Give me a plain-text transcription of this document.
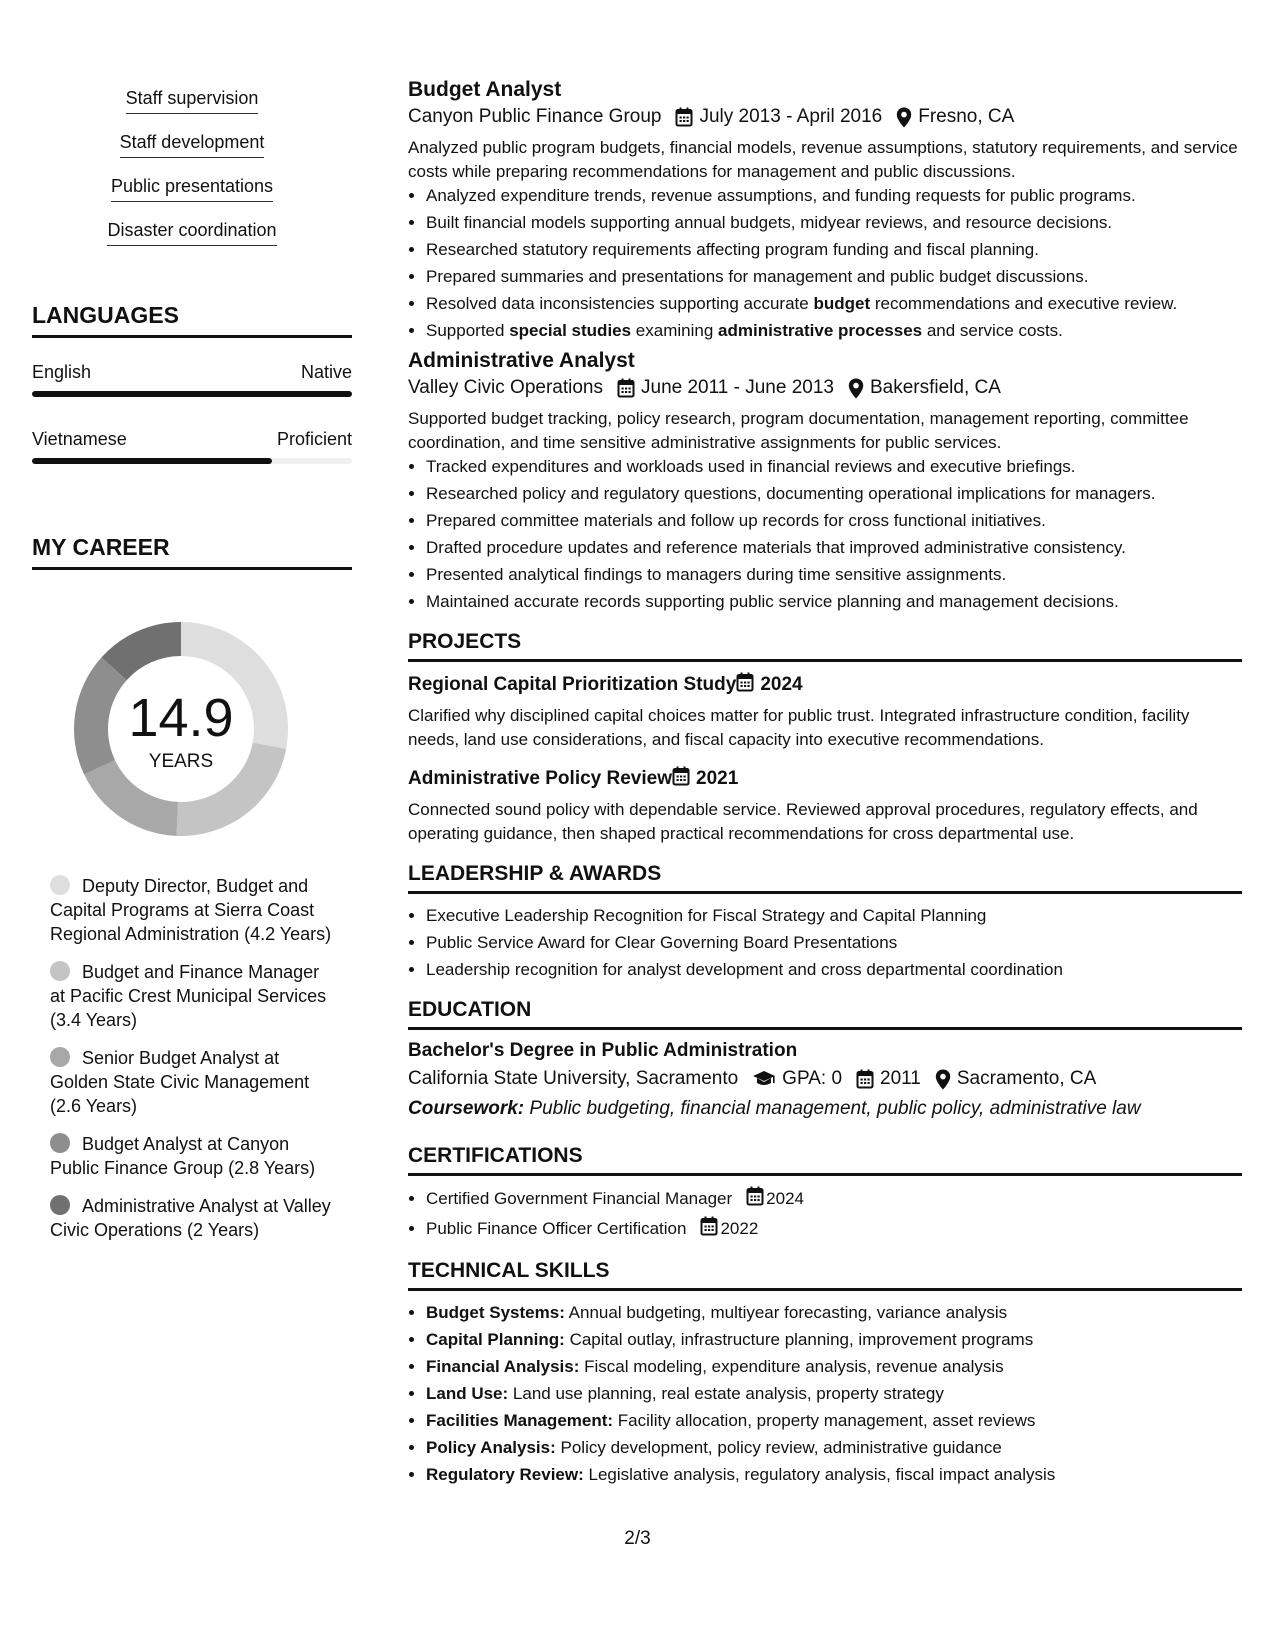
Staff supervision
Staff development
Public presentations
Disaster coordination
LANGUAGES
English	Native
Vietnamese	Proficient
MY CAREER
14.9
YEARS
Deputy Director, Budget and Capital Programs at Sierra Coast Regional Administration (4.2 Years)
Budget and Finance Manager at Pacific Crest Municipal Services (3.4 Years)
Senior Budget Analyst at Golden State Civic Management (2.6 Years)
Budget Analyst at Canyon Public Finance Group (2.8 Years)
Administrative Analyst at Valley Civic Operations (2 Years)
Budget Analyst
Canyon Public Finance Group July 2013 - April 2016 Fresno, CA

Analyzed public program budgets, financial models, revenue assumptions, statutory requirements, and service costs while preparing recommendations for management and public discussions.

• Analyzed expenditure trends, revenue assumptions, and funding requests for public programs.
• Built financial models supporting annual budgets, midyear reviews, and resource decisions.
• Researched statutory requirements affecting program funding and fiscal planning.
• Prepared summaries and presentations for management and public budget discussions.
• Resolved data inconsistencies supporting accurate budget recommendations and executive review.
• Supported special studies examining administrative processes and service costs.
Administrative Analyst
Valley Civic Operations June 2011 - June 2013 Bakersfield, CA

Supported budget tracking, policy research, program documentation, management reporting, committee coordination, and time sensitive administrative assignments for public services.

• Tracked expenditures and workloads used in financial reviews and executive briefings.
• Researched policy and regulatory questions, documenting operational implications for managers.
• Prepared committee materials and follow up records for cross functional initiatives.
• Drafted procedure updates and reference materials that improved administrative consistency.
• Presented analytical findings to managers during time sensitive assignments.
• Maintained accurate records supporting public service planning and management decisions.
PROJECTS
Regional Capital Prioritization Study 2024

Clarified why disciplined capital choices matter for public trust. Integrated infrastructure condition, facility needs, land use considerations, and fiscal capacity into executive recommendations.

Administrative Policy Review 2021

Connected sound policy with dependable service. Reviewed approval procedures, regulatory effects, and operating guidance, then shaped practical recommendations for cross departmental use.

LEADERSHIP & AWARDS
• Executive Leadership Recognition for Fiscal Strategy and Capital Planning
• Public Service Award for Clear Governing Board Presentations
• Leadership recognition for analyst development and cross departmental coordination
EDUCATION
Bachelor's Degree in Public Administration
California State University, Sacramento GPA: 0 2011 Sacramento, CA
Coursework: Public budgeting, financial management, public policy, administrative law
CERTIFICATIONS
• Certified Government Financial Manager 2024
• Public Finance Officer Certification 2022
TECHNICAL SKILLS
• Budget Systems: Annual budgeting, multiyear forecasting, variance analysis
• Capital Planning: Capital outlay, infrastructure planning, improvement programs
• Financial Analysis: Fiscal modeling, expenditure analysis, revenue analysis
• Land Use: Land use planning, real estate analysis, property strategy
• Facilities Management: Facility allocation, property management, asset reviews
• Policy Analysis: Policy development, policy review, administrative guidance
• Regulatory Review: Legislative analysis, regulatory analysis, fiscal impact analysis
2/3
